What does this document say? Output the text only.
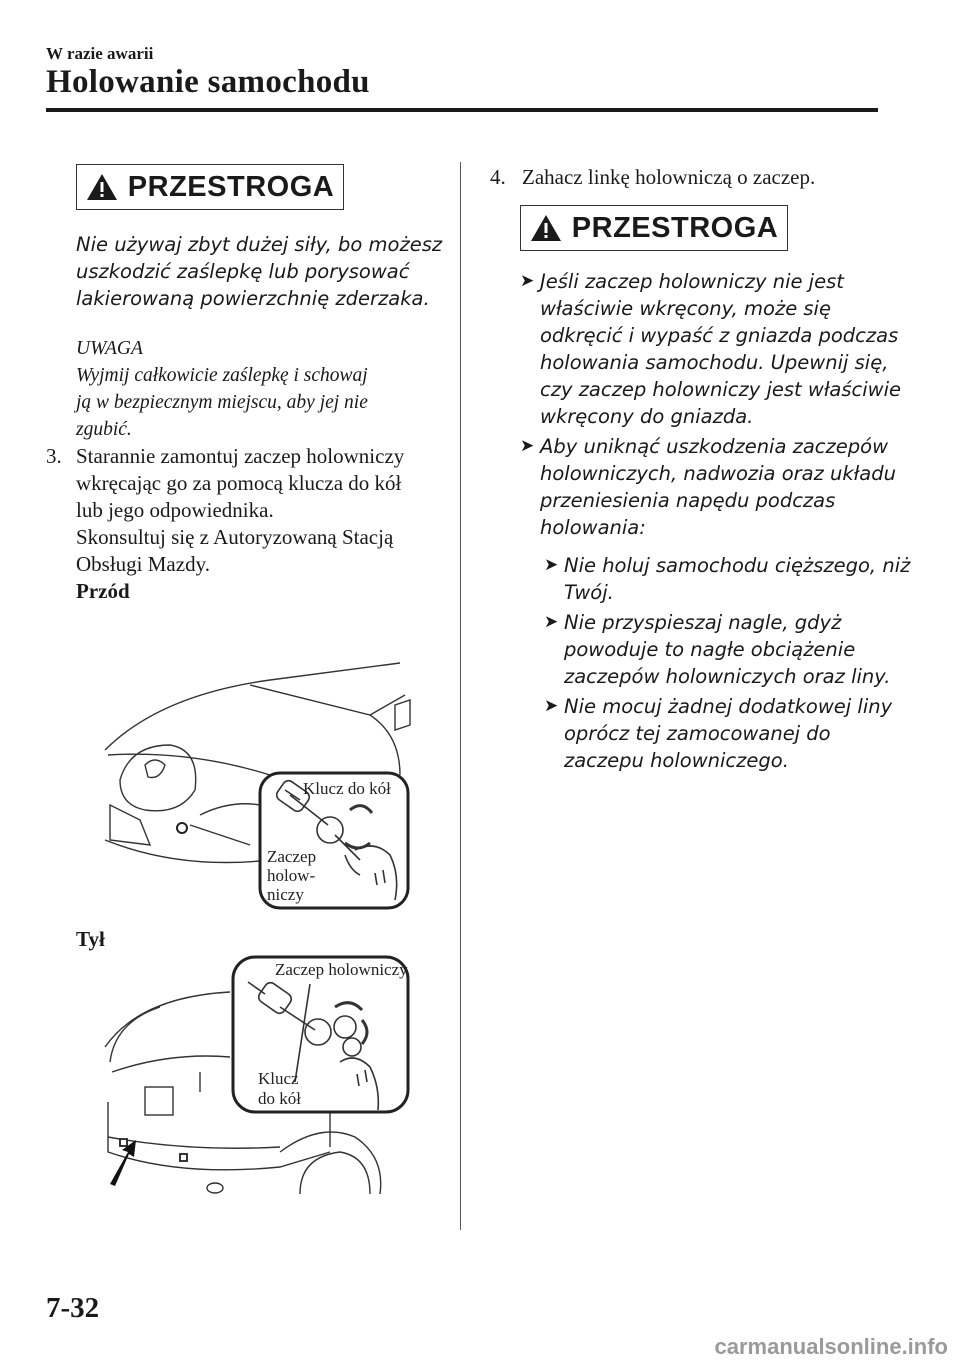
W razie awarii
Holowanie samochodu
PRZESTROGA
Nie używaj zbyt dużej siły, bo możesz
uszkodzić zaślepkę lub porysować
lakierowaną powierzchnię zderzaka.
UWAGA
Wyjmij całkowicie zaślepkę i schowaj
ją w bezpiecznym miejscu, aby jej nie
zgubić.
3. Starannie zamontuj zaczep holowniczy
wkręcając go za pomocą klucza do kół
lub jego odpowiednika.
Skonsultuj się z Autoryzowaną Stacją
Obsługi Mazdy.
Przód
Klucz do kół
Zaczep
holow-
niczy
Tył
Zaczep holowniczy
Klucz
do kół
4. Zahacz linkę holowniczą o zaczep.
PRZESTROGA
➤ Jeśli zaczep holowniczy nie jest
właściwie wkręcony, może się
odkręcić i wypaść z gniazda podczas
holowania samochodu. Upewnij się,
czy zaczep holowniczy jest właściwie
wkręcony do gniazda.
➤ Aby uniknąć uszkodzenia zaczepów
holowniczych, nadwozia oraz układu
przeniesienia napędu podczas
holowania:
➤ Nie holuj samochodu cięższego, niż
Twój.
➤ Nie przyspieszaj nagle, gdyż
powoduje to nagłe obciążenie
zaczepów holowniczych oraz liny.
➤ Nie mocuj żadnej dodatkowej liny
oprócz tej zamocowanej do
zaczepu holowniczego.
7-32
carmanualsonline.info
